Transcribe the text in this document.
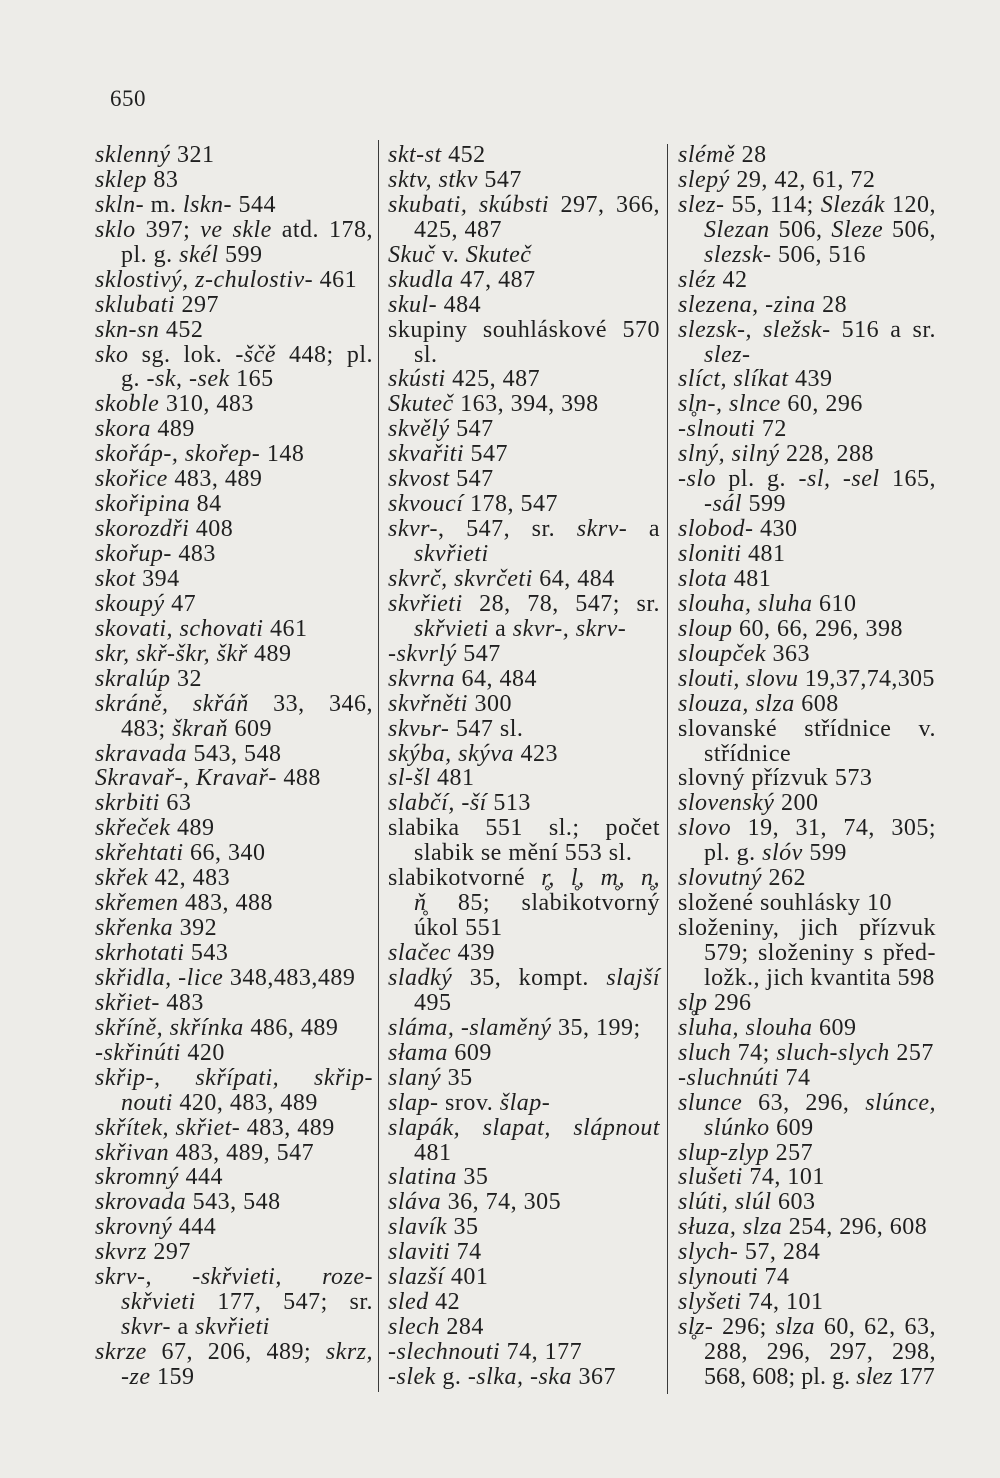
650
sklenný 321
sklep 83
skln- m. lskn- 544
sklo 397; ve skle atd. 178,
pl. g. skél 599
sklostivý, z-chulostiv- 461
sklubati 297
skn-sn 452
sko sg. lok. -ščě 448; pl.
g. -sk, -sek 165
skoble 310, 483
skora 489
skořáp-, skořep- 148
skořice 483, 489
skořipina 84
skorozdři 408
skořup- 483
skot 394
skoupý 47
skovati, schovati 461
skr, skř-škr, škř 489
skralúp 32
skráně, skřáň 33, 346,
483; škraň 609
skravada 543, 548
Skravař-, Kravař- 488
skrbiti 63
skřeček 489
skřehtati 66, 340
skřek 42, 483
skřemen 483, 488
skřenka 392
skrhotati 543
skřidla, -lice 348,483,489
skřiet- 483
skříně, skřínka 486, 489
-skřinúti 420
skřip-, skřípati, skřip-
nouti 420, 483, 489
skřítek, skřiet- 483, 489
skřivan 483, 489, 547
skromný 444
skrovada 543, 548
skrovný 444
skvrz 297
skrv-, -skřvieti, roze-
skřvieti 177, 547; sr.
skvr- a skvřieti
skrze 67, 206, 489; skrz,
-ze 159
skt-st 452
sktv, stkv 547
skubati, skúbsti 297, 366,
425, 487
Skuč v. Skuteč
skudla 47, 487
skul- 484
skupiny souhláskové 570
sl.
skústi 425, 487
Skuteč 163, 394, 398
skvělý 547
skvařiti 547
skvost 547
skvoucí 178, 547
skvr-, 547, sr. skrv- a
skvřieti
skvrč, skvrčeti 64, 484
skvřieti 28, 78, 547; sr.
skřvieti a skvr-, skrv-
-skvrlý 547
skvrna 64, 484
skvřněti 300
skvьr- 547 sl.
skýba, skýva 423
sl-šl 481
slabčí, -ší 513
slabika 551 sl.; počet
slabik se mění 553 sl.
slabikotvorné r̥, l̥, m̥, n̥,
ň̥ 85; slabikotvorný
úkol 551
slačec 439
sladký 35, kompt. slajší
495
sláma, -slaměný 35, 199;
słama 609
slaný 35
slap- srov. šlap-
slapák, slapat, slápnout
481
slatina 35
sláva 36, 74, 305
slavík 35
slaviti 74
slazší 401
sled 42
slech 284
-slechnouti 74, 177
-slek g. -slka, -ska 367
slémě 28
slepý 29, 42, 61, 72
slez- 55, 114; Slezák 120,
Slezan 506, Sleze 506,
slezsk- 506, 516
sléz 42
slezena, -zina 28
slezsk-, sležsk- 516 a sr.
slez-
slíct, slíkat 439
sl̥n-, slnce 60, 296
-slnouti 72
slný, silný 228, 288
-slo pl. g. -sl, -sel 165,
-sál 599
slobod- 430
sloniti 481
slota 481
slouha, sluha 610
sloup 60, 66, 296, 398
sloupček 363
slouti, slovu 19,37,74,305
slouza, slza 608
slovanské střídnice v.
střídnice
slovný přízvuk 573
slovenský 200
slovo 19, 31, 74, 305;
pl. g. slóv 599
slovutný 262
složené souhlásky 10
složeniny, jich přízvuk
579; složeniny s před-
ložk., jich kvantita 598
sl̥p 296
sluha, slouha 609
sluch 74; sluch-slych 257
-sluchnúti 74
slunce 63, 296, slúnce,
slúnko 609
slup-zlyp 257
slušeti 74, 101
slúti, slúl 603
słuza, slza 254, 296, 608
slych- 57, 284
slynouti 74
slyšeti 74, 101
sl̥z- 296; slza 60, 62, 63,
288, 296, 297, 298,
568, 608; pl. g. slez 177
